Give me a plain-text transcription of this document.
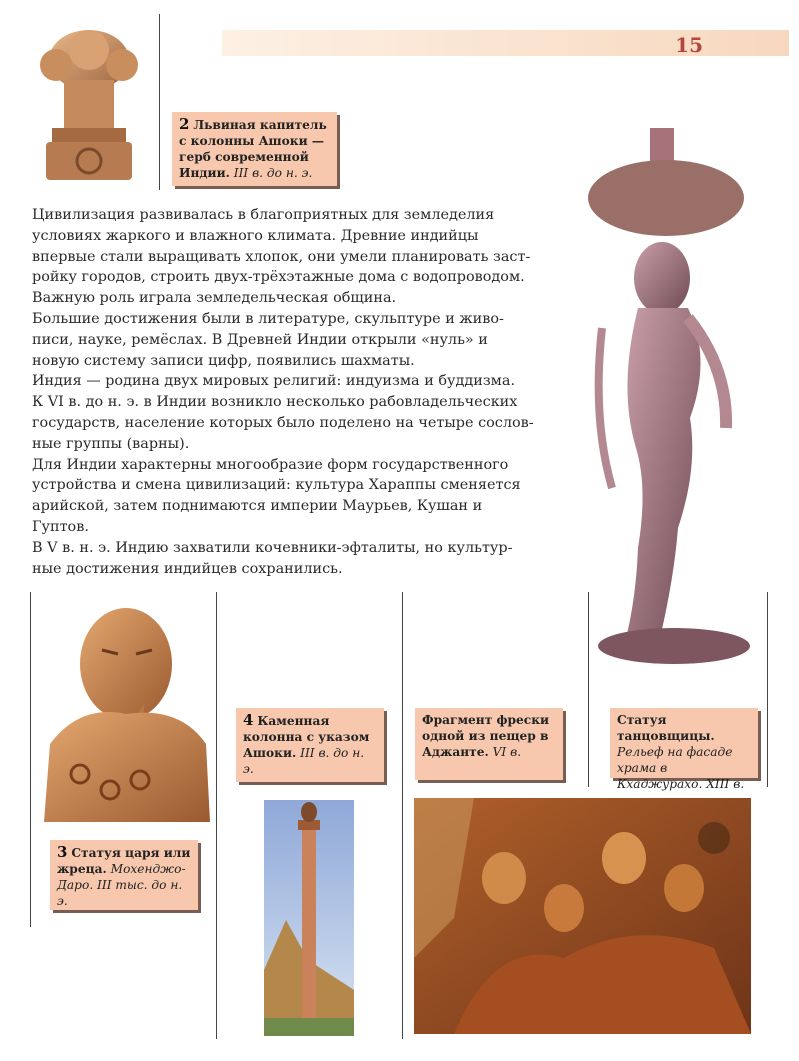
15
2 Львиная капитель с колонны Ашоки — герб современной Индии. III в. до н. э.

Цивилизация развивалась в благоприятных для земледелия

условиях жаркого и влажного климата. Древние индийцы

впервые стали выращивать хлопок, они умели планировать заст-

ройку городов, строить двух-трёхэтажные дома с водопроводом.

Важную роль играла земледельческая община.

Большие достижения были в литературе, скульптуре и живо-

писи, науке, ремёслах. В Древней Индии открыли «нуль» и

новую систему записи цифр, появились шахматы.

Индия — родина двух мировых религий: индуизма и буддизма.

К VI в. до н. э. в Индии возникло несколько рабовладельческих

государств, население которых было поделено на четыре сослов-

ные группы (варны).

Для Индии характерны многообразие форм государственного

устройства и смена цивилизаций: культура Хараппы сменяется

арийской, затем поднимаются империи Маурьев, Кушан и

Гуптов.

В V в. н. э. Индию захватили кочевники-эфталиты, но культур-

ные достижения индийцев сохранились.

3 Статуя царя или жреца. Мохенджо-Даро. III тыс. до н. э.
4 Каменная колонна с указом Ашоки. III в. до н. э.
Фрагмент фрески одной из пещер в Аджанте. VI в.
Статуя танцовщицы. Рельеф на фасаде храма в Кхаджурахо. XIII в.
